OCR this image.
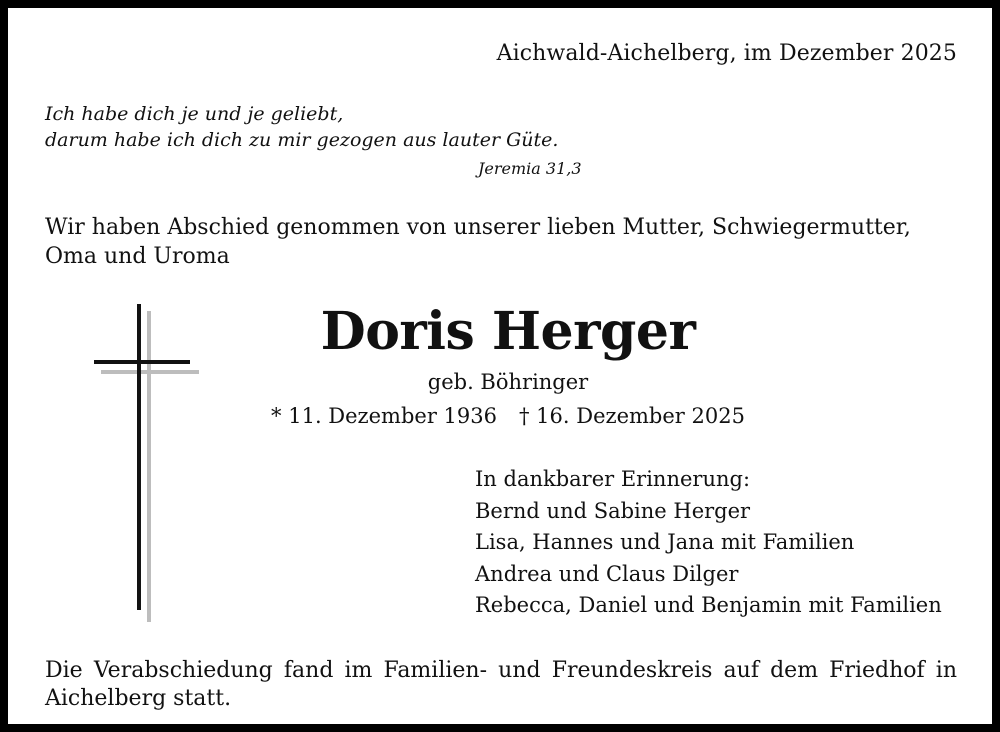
Aichwald-Aichelberg, im Dezember 2025
Ich habe dich je und je geliebt,
darum habe ich dich zu mir gezogen aus lauter Güte.
Jeremia 31,3
Wir haben Abschied genommen von unserer lieben Mutter, Schwiegermutter, Oma und Uroma
Doris Herger
geb. Böhringer
* 11. Dezember 1936 † 16. Dezember 2025
In dankbarer Erinnerung:
Bernd und Sabine Herger
Lisa, Hannes und Jana mit Familien
Andrea und Claus Dilger
Rebecca, Daniel und Benjamin mit Familien
Die Verabschiedung fand im Familien- und Freundeskreis auf dem Friedhof in Aichelberg statt.
